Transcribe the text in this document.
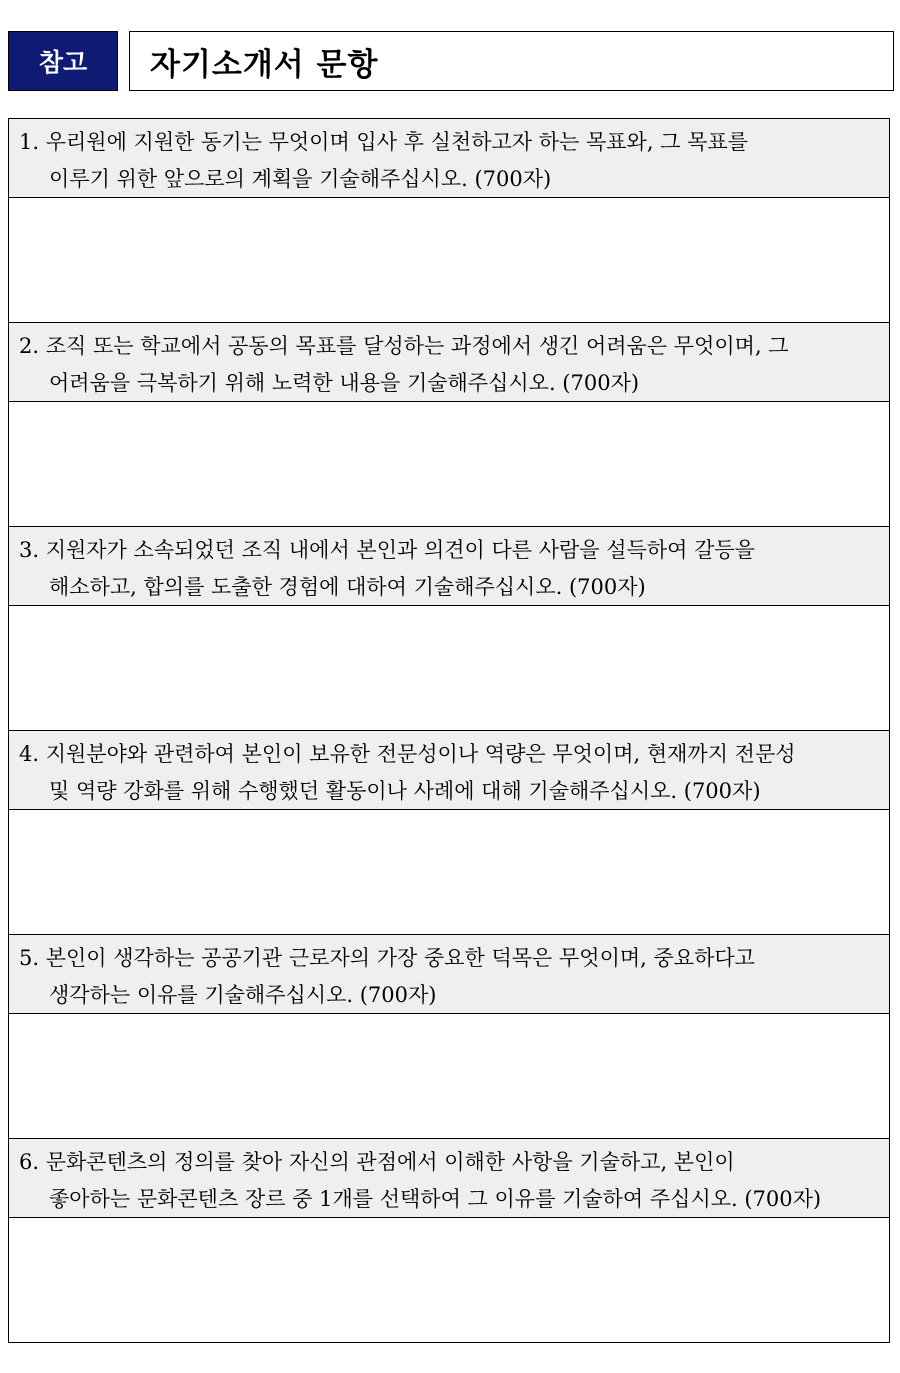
참고	자기소개서 문항
1. 우리원에 지원한 동기는 무엇이며 입사 후 실천하고자 하는 목표와, 그 목표를
이루기 위한 앞으로의 계획을 기술해주십시오. (700자)
2. 조직 또는 학교에서 공동의 목표를 달성하는 과정에서 생긴 어려움은 무엇이며, 그
어려움을 극복하기 위해 노력한 내용을 기술해주십시오. (700자)
3. 지원자가 소속되었던 조직 내에서 본인과 의견이 다른 사람을 설득하여 갈등을
해소하고, 합의를 도출한 경험에 대하여 기술해주십시오. (700자)
4. 지원분야와 관련하여 본인이 보유한 전문성이나 역량은 무엇이며, 현재까지 전문성
및 역량 강화를 위해 수행했던 활동이나 사례에 대해 기술해주십시오. (700자)
5. 본인이 생각하는 공공기관 근로자의 가장 중요한 덕목은 무엇이며, 중요하다고
생각하는 이유를 기술해주십시오. (700자)
6. 문화콘텐츠의 정의를 찾아 자신의 관점에서 이해한 사항을 기술하고, 본인이
좋아하는 문화콘텐츠 장르 중 1개를 선택하여 그 이유를 기술하여 주십시오. (700자)
